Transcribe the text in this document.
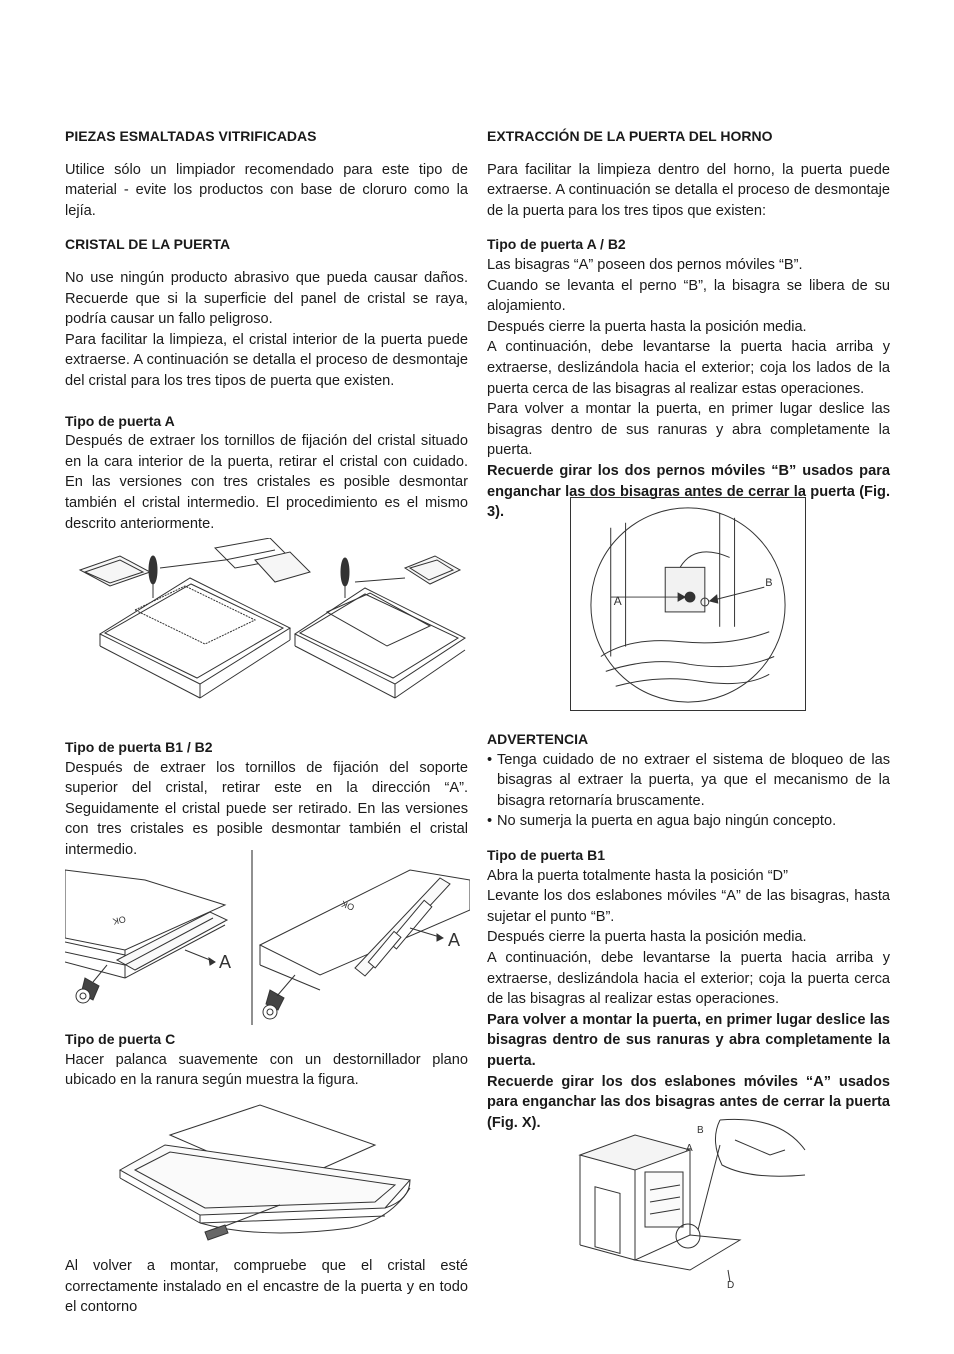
PIEZAS ESMALTADAS VITRIFICADAS

Utilice sólo un limpiador recomendado para este tipo de material - evite los productos con base de cloruro como la lejía.

CRISTAL DE LA PUERTA

No use ningún producto abrasivo que pueda causar daños. Recuerde que si la superficie del panel de cristal se raya, podría causar un fallo peligroso.

Para facilitar la limpieza, el cristal interior de la puerta puede extraerse. A continuación se detalla el proceso de desmontaje del cristal para los tres tipos de puerta que existen.

Tipo de puerta A

Después de extraer los tornillos de fijación del cristal situado en la cara interior de la puerta, retirar el cristal con cuidado. En las versiones con tres cristales es posible desmontar también el cristal intermedio. El procedimiento es el mismo descrito anteriormente.

Tipo de puerta B1 / B2

Después de extraer los tornillos de fijación del soporte superior del cristal, retirar este en la dirección “A”. Seguidamente el cristal puede ser retirado. En las versiones con tres cristales es posible desmontar también el cristal intermedio.

Tipo de puerta C

Hacer palanca suavemente con un destornillador plano ubicado en la ranura según muestra la figura.

Al volver a montar, compruebe que el cristal esté correctamente instalado en el encastre de la puerta y en todo el contorno

EXTRACCIÓN DE LA PUERTA DEL HORNO

Para facilitar la limpieza dentro del horno, la puerta puede extraerse. A continuación se detalla el proceso de desmontaje de la puerta para los tres tipos que existen:

Tipo de puerta A / B2

Las bisagras “A” poseen dos pernos móviles “B”.

Cuando se levanta el perno “B”, la bisagra se libera de su alojamiento.

Después cierre la puerta hasta la posición media.

A continuación, debe levantarse la puerta hacia arriba y extraerse, deslizándola hacia el exterior; coja los lados de la puerta cerca de las bisagras al realizar estas operaciones.

Para volver a montar la puerta, en primer lugar deslice las bisagras dentro de sus ranuras y abra completamente la puerta.

Recuerde girar los dos pernos móviles “B” usados para enganchar las dos bisagras antes de cerrar la puerta (Fig. 3).

ADVERTENCIA

• Tenga cuidado de no extraer el sistema de bloqueo de las bisagras al extraer la puerta, ya que el mecanismo de la bisagra retornaría bruscamente.
• No sumerja la puerta en agua bajo ningún concepto.

Tipo de puerta B1

Abra la puerta totalmente hasta la posición “D”

Levante los dos eslabones móviles “A” de las bisagras, hasta sujetar el punto “B”.

Después cierre la puerta hasta la posición media.

A continuación, debe levantarse la puerta hacia arriba y extraerse, deslizándola hacia el exterior; coja la puerta cerca de las bisagras al realizar estas operaciones.

Para volver a montar la puerta, en primer lugar deslice las bisagras dentro de sus ranuras y abra completamente la puerta.

Recuerde girar los dos eslabones móviles “A” usados para enganchar las dos bisagras antes de cerrar la puerta (Fig. X).

OK
A
OK
A
A
B
B
A
D
